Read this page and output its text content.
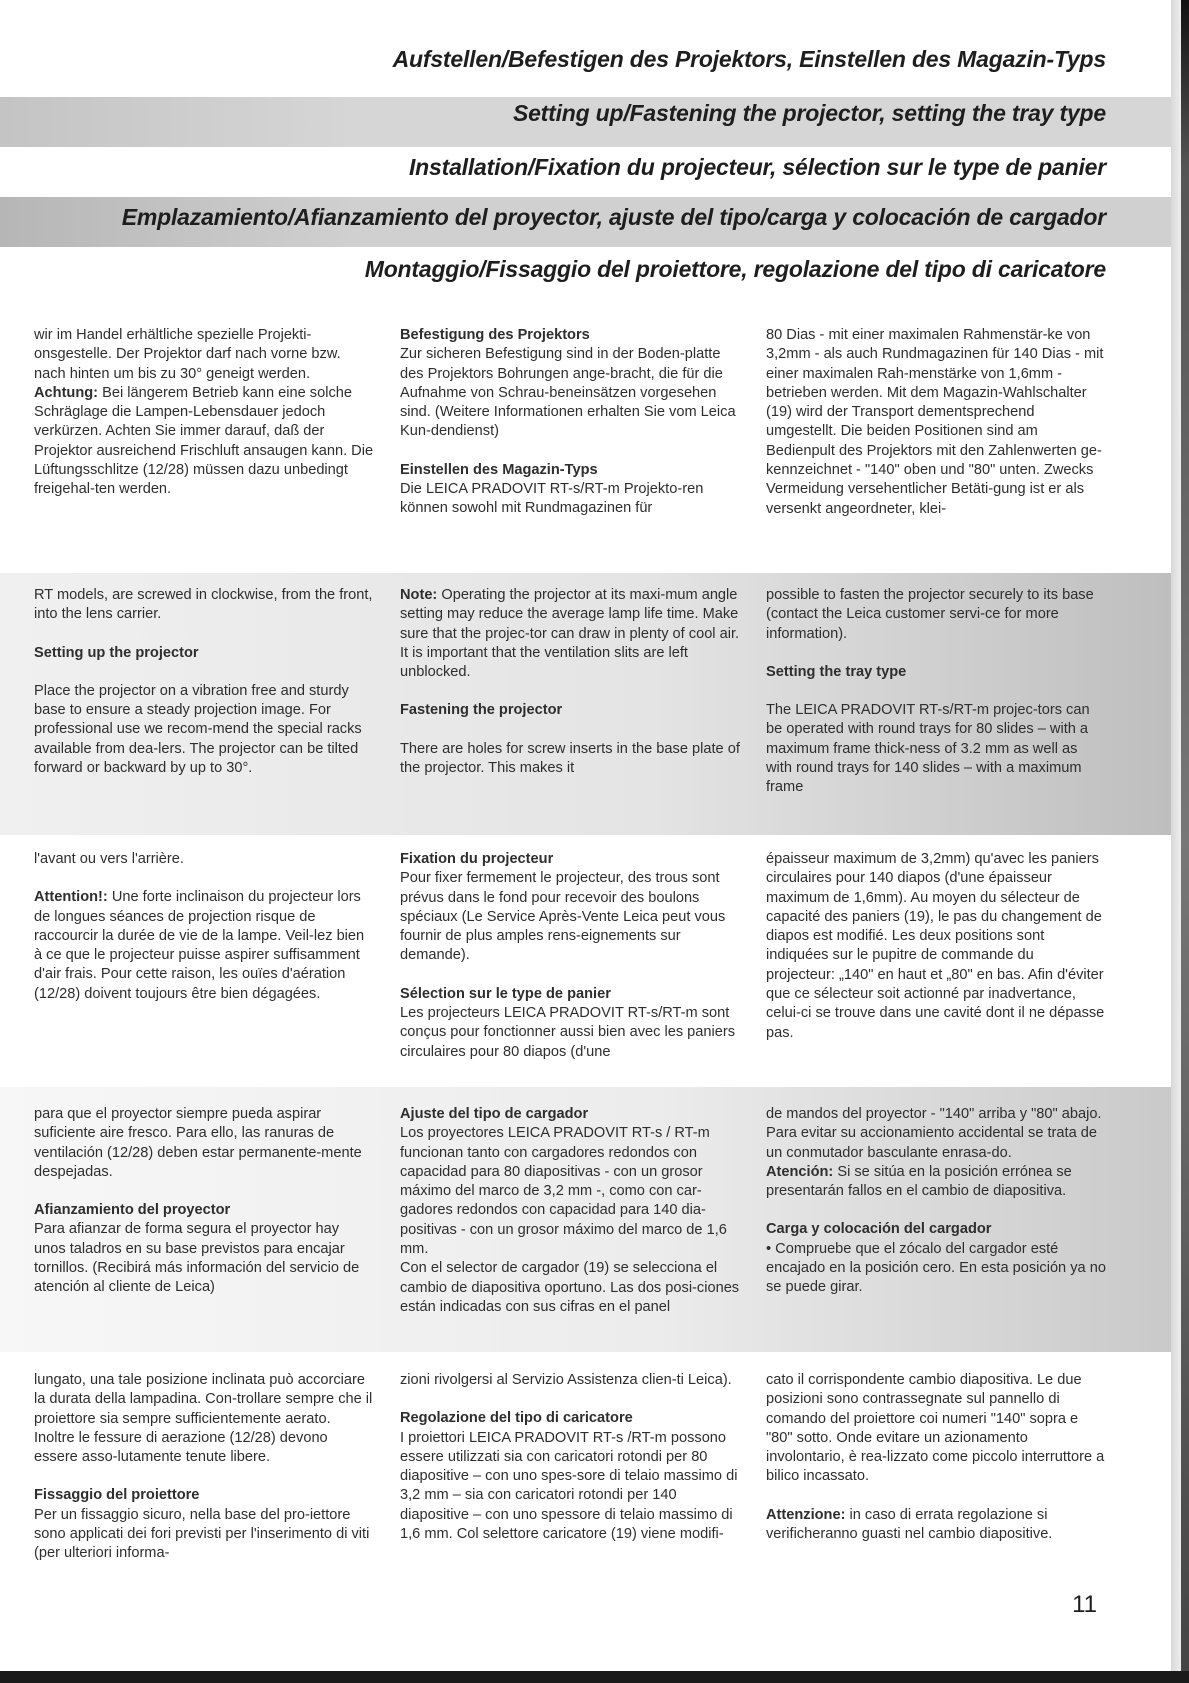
Aufstellen/Befestigen des Projektors, Einstellen des Magazin-Typs
Setting up/Fastening the projector, setting the tray type
Installation/Fixation du projecteur, sélection sur le type de panier
Emplazamiento/Afianzamiento del proyector, ajuste del tipo/carga y colocación de cargador
Montaggio/Fissaggio del proiettore, regolazione del tipo di caricatore

wir im Handel erhältliche spezielle Projekti-onsgestelle. Der Projektor darf nach vorne bzw. nach hinten um bis zu 30° geneigt werden.

Achtung: Bei längerem Betrieb kann eine solche Schräglage die Lampen-Lebensdauer jedoch verkürzen. Achten Sie immer darauf, daß der Projektor ausreichend Frischluft ansaugen kann. Die Lüftungsschlitze (12/28) müssen dazu unbedingt freigehal-ten werden.

Befestigung des Projektors

Zur sicheren Befestigung sind in der Boden-platte des Projektors Bohrungen ange-bracht, die für die Aufnahme von Schrau-beneinsätzen vorgesehen sind. (Weitere Informationen erhalten Sie vom Leica Kun-dendienst)

Einstellen des Magazin-Typs

Die LEICA PRADOVIT RT-s/RT-m Projekto-ren können sowohl mit Rundmagazinen für

80 Dias - mit einer maximalen Rahmenstär-ke von 3,2mm - als auch Rundmagazinen für 140 Dias - mit einer maximalen Rah-menstärke von 1,6mm - betrieben werden. Mit dem Magazin-Wahlschalter (19) wird der Transport dementsprechend umgestellt. Die beiden Positionen sind am Bedienpult des Projektors mit den Zahlenwerten ge-kennzeichnet - "140" oben und "80" unten. Zwecks Vermeidung versehentlicher Betäti-gung ist er als versenkt angeordneter, klei-

RT models, are screwed in clockwise, from the front, into the lens carrier.

Setting up the projector

Place the projector on a vibration free and sturdy base to ensure a steady projection image. For professional use we recom-mend the special racks available from dea-lers. The projector can be tilted forward or backward by up to 30°.

Note: Operating the projector at its maxi-mum angle setting may reduce the average lamp life time. Make sure that the projec-tor can draw in plenty of cool air. It is important that the ventilation slits are left unblocked.

Fastening the projector

There are holes for screw inserts in the base plate of the projector. This makes it

possible to fasten the projector securely to its base (contact the Leica customer servi-ce for more information).

Setting the tray type

The LEICA PRADOVIT RT-s/RT-m projec-tors can be operated with round trays for 80 slides – with a maximum frame thick-ness of 3.2 mm as well as with round trays for 140 slides – with a maximum frame

l'avant ou vers l'arrière.

Attention!: Une forte inclinaison du projecteur lors de longues séances de projection risque de raccourcir la durée de vie de la lampe. Veil-lez bien à ce que le projecteur puisse aspirer suffisamment d'air frais. Pour cette raison, les ouïes d'aération (12/28) doivent toujours être bien dégagées.

Fixation du projecteur

Pour fixer fermement le projecteur, des trous sont prévus dans le fond pour recevoir des boulons spéciaux (Le Service Après-Vente Leica peut vous fournir de plus amples rens-eignements sur demande).

Sélection sur le type de panier

Les projecteurs LEICA PRADOVIT RT-s/RT-m sont conçus pour fonctionner aussi bien avec les paniers circulaires pour 80 diapos (d'une

épaisseur maximum de 3,2mm) qu'avec les paniers circulaires pour 140 diapos (d'une épaisseur maximum de 1,6mm). Au moyen du sélecteur de capacité des paniers (19), le pas du changement de diapos est modifié. Les deux positions sont indiquées sur le pupitre de commande du projecteur: „140" en haut et „80" en bas. Afin d'éviter que ce sélecteur soit actionné par inadvertance, celui-ci se trouve dans une cavité dont il ne dépasse pas.

para que el proyector siempre pueda aspirar suficiente aire fresco. Para ello, las ranuras de ventilación (12/28) deben estar permanente-mente despejadas.

Afianzamiento del proyector

Para afianzar de forma segura el proyector hay unos taladros en su base previstos para encajar tornillos. (Recibirá más información del servicio de atención al cliente de Leica)

Ajuste del tipo de cargador

Los proyectores LEICA PRADOVIT RT-s / RT-m funcionan tanto con cargadores redondos con capacidad para 80 diapositivas - con un grosor máximo del marco de 3,2 mm -, como con car-gadores redondos con capacidad para 140 dia-positivas - con un grosor máximo del marco de 1,6 mm.

Con el selector de cargador (19) se selecciona el cambio de diapositiva oportuno. Las dos posi-ciones están indicadas con sus cifras en el panel

de mandos del proyector - "140" arriba y "80" abajo. Para evitar su accionamiento accidental se trata de un conmutador basculante enrasa-do.

Atención: Si se sitúa en la posición errónea se presentarán fallos en el cambio de diapositiva.

Carga y colocación del cargador

• Compruebe que el zócalo del cargador esté encajado en la posición cero. En esta posición ya no se puede girar.

lungato, una tale posizione inclinata può accorciare la durata della lampadina. Con-trollare sempre che il proiettore sia sempre sufficientemente aerato. Inoltre le fessure di aerazione (12/28) devono essere asso-lutamente tenute libere.

Fissaggio del proiettore

Per un fissaggio sicuro, nella base del pro-iettore sono applicati dei fori previsti per l'inserimento di viti (per ulteriori informa-

zioni rivolgersi al Servizio Assistenza clien-ti Leica).

Regolazione del tipo di caricatore

I proiettori LEICA PRADOVIT RT-s /RT-m possono essere utilizzati sia con caricatori rotondi per 80 diapositive – con uno spes-sore di telaio massimo di 3,2 mm – sia con caricatori rotondi per 140 diapositive – con uno spessore di telaio massimo di 1,6 mm. Col selettore caricatore (19) viene modifi-

cato il corrispondente cambio diapositiva. Le due posizioni sono contrassegnate sul pannello di comando del proiettore coi numeri "140" sopra e "80" sotto. Onde evitare un azionamento involontario, è rea-lizzato come piccolo interruttore a bilico incassato.

Attenzione: in caso di errata regolazione si verificheranno guasti nel cambio diapositive.

11
